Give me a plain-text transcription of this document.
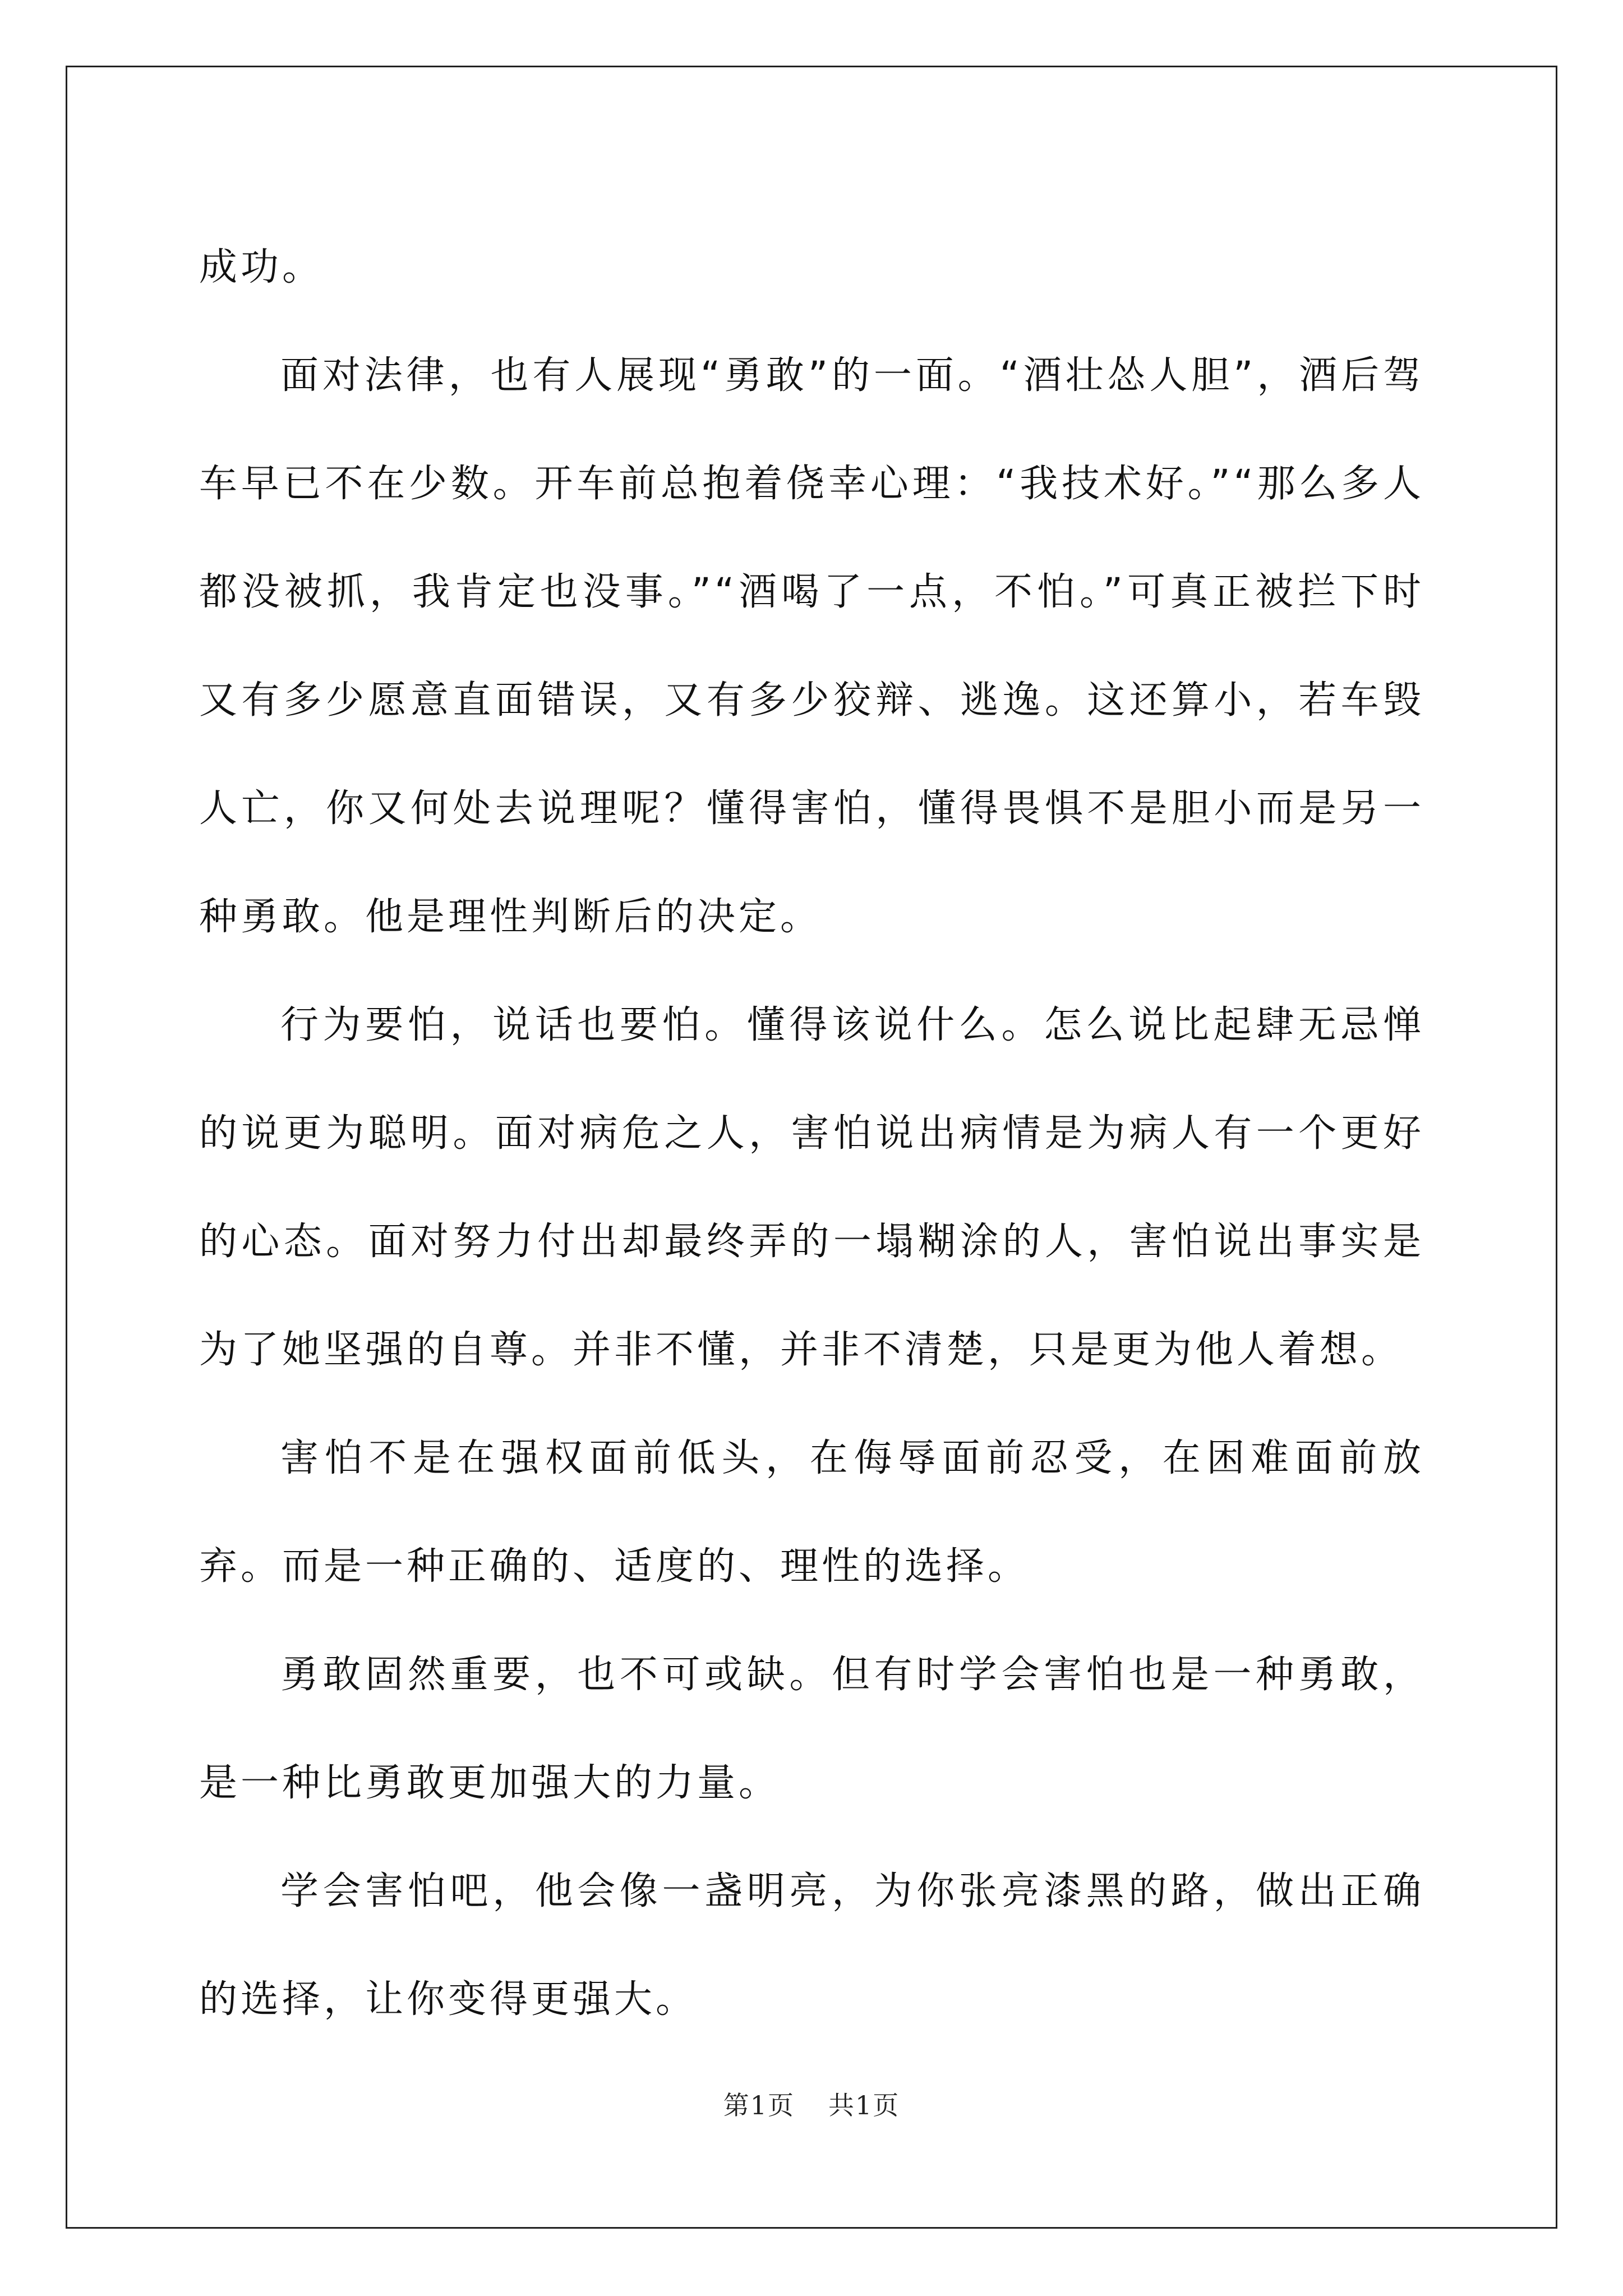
成功。

面对法律，也有人展现“勇敢”的一面。“酒壮怂人胆”，酒后驾车早已不在少数。开车前总抱着侥幸心理：“我技术好。”“那么多人都没被抓，我肯定也没事。”“酒喝了一点，不怕。”可真正被拦下时又有多少愿意直面错误，又有多少狡辩、逃逸。这还算小，若车毁人亡，你又何处去说理呢？懂得害怕，懂得畏惧不是胆小而是另一种勇敢。他是理性判断后的决定。

行为要怕，说话也要怕。懂得该说什么。怎么说比起肆无忌惮的说更为聪明。面对病危之人，害怕说出病情是为病人有一个更好的心态。面对努力付出却最终弄的一塌糊涂的人，害怕说出事实是为了她坚强的自尊。并非不懂，并非不清楚，只是更为他人着想。

害怕不是在强权面前低头，在侮辱面前忍受，在困难面前放弃。而是一种正确的、适度的、理性的选择。

勇敢固然重要，也不可或缺。但有时学会害怕也是一种勇敢，是一种比勇敢更加强大的力量。

学会害怕吧，他会像一盏明亮，为你张亮漆黑的路，做出正确的选择，让你变得更强大。

第1页 共1页
